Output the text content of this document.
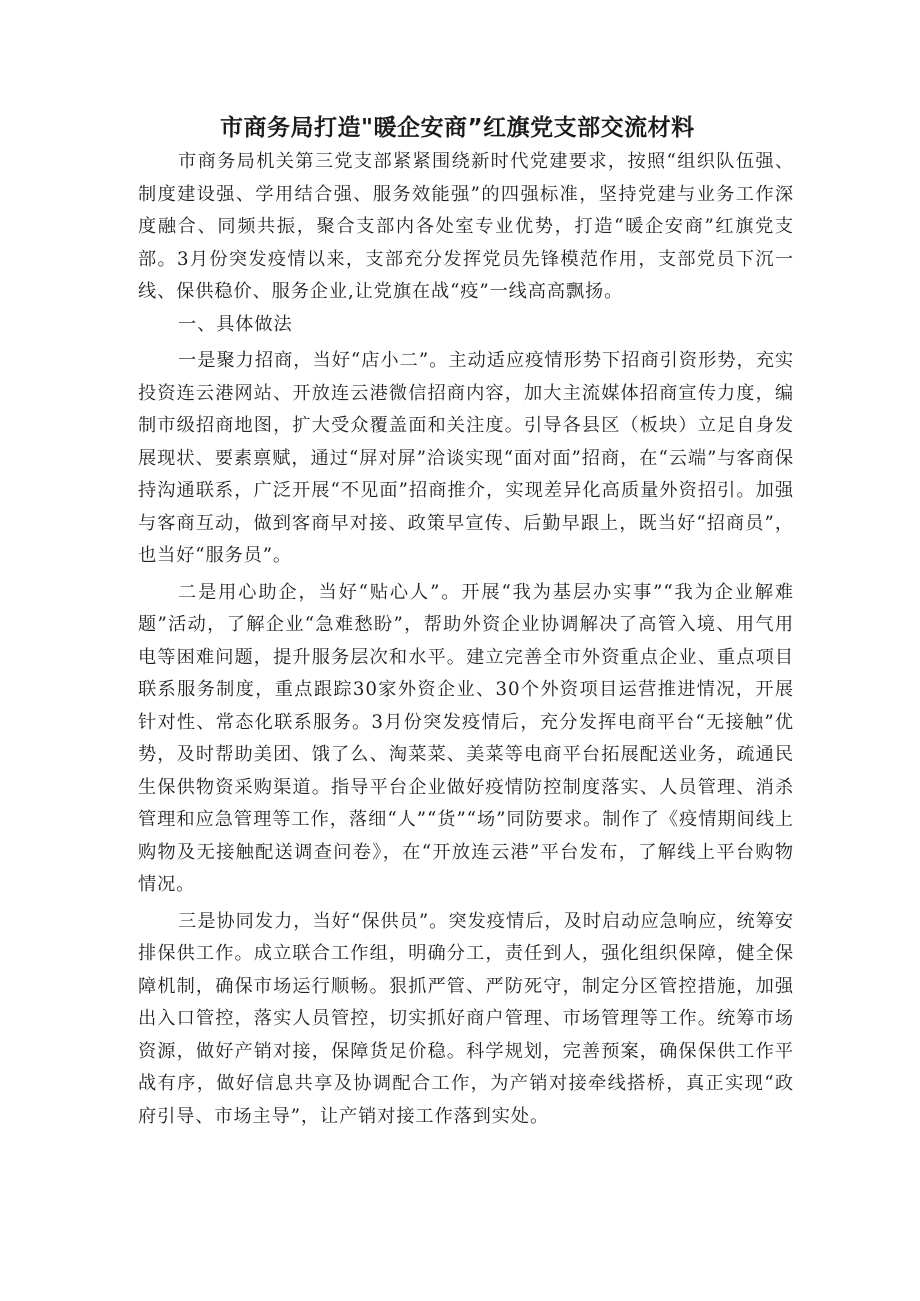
市商务局打造"暖企安商”红旗党支部交流材料

市商务局机关第三党支部紧紧围绕新时代党建要求，按照“组织队伍强、制度建设强、学用结合强、服务效能强”的四强标准，坚持党建与业务工作深度融合、同频共振，聚合支部内各处室专业优势，打造“暖企安商”红旗党支部。3月份突发疫情以来，支部充分发挥党员先锋模范作用，支部党员下沉一线、保供稳价、服务企业,让党旗在战“疫”一线高高飘扬。

一、具体做法

一是聚力招商，当好“店小二”。主动适应疫情形势下招商引资形势，充实投资连云港网站、开放连云港微信招商内容，加大主流媒体招商宣传力度，编制市级招商地图，扩大受众覆盖面和关注度。引导各县区（板块）立足自身发展现状、要素禀赋，通过“屏对屏”洽谈实现“面对面”招商，在“云端”与客商保持沟通联系，广泛开展“不见面”招商推介，实现差异化高质量外资招引。加强与客商互动，做到客商早对接、政策早宣传、后勤早跟上，既当好“招商员”，也当好“服务员”。

二是用心助企，当好“贴心人”。开展“我为基层办实事”“我为企业解难题”活动，了解企业“急难愁盼”，帮助外资企业协调解决了高管入境、用气用电等困难问题，提升服务层次和水平。建立完善全市外资重点企业、重点项目联系服务制度，重点跟踪30家外资企业、30个外资项目运营推进情况，开展针对性、常态化联系服务。3月份突发疫情后，充分发挥电商平台“无接触”优势，及时帮助美团、饿了么、淘菜菜、美菜等电商平台拓展配送业务，疏通民生保供物资采购渠道。指导平台企业做好疫情防控制度落实、人员管理、消杀管理和应急管理等工作，落细“人”“货”“场”同防要求。制作了《疫情期间线上购物及无接触配送调查问卷》，在“开放连云港”平台发布，了解线上平台购物情况。

三是协同发力，当好“保供员”。突发疫情后，及时启动应急响应，统筹安排保供工作。成立联合工作组，明确分工，责任到人，强化组织保障，健全保障机制，确保市场运行顺畅。狠抓严管、严防死守，制定分区管控措施，加强出入口管控，落实人员管控，切实抓好商户管理、市场管理等工作。统筹市场资源，做好产销对接，保障货足价稳。科学规划，完善预案，确保保供工作平战有序，做好信息共享及协调配合工作，为产销对接牵线搭桥，真正实现“政府引导、市场主导”，让产销对接工作落到实处。
